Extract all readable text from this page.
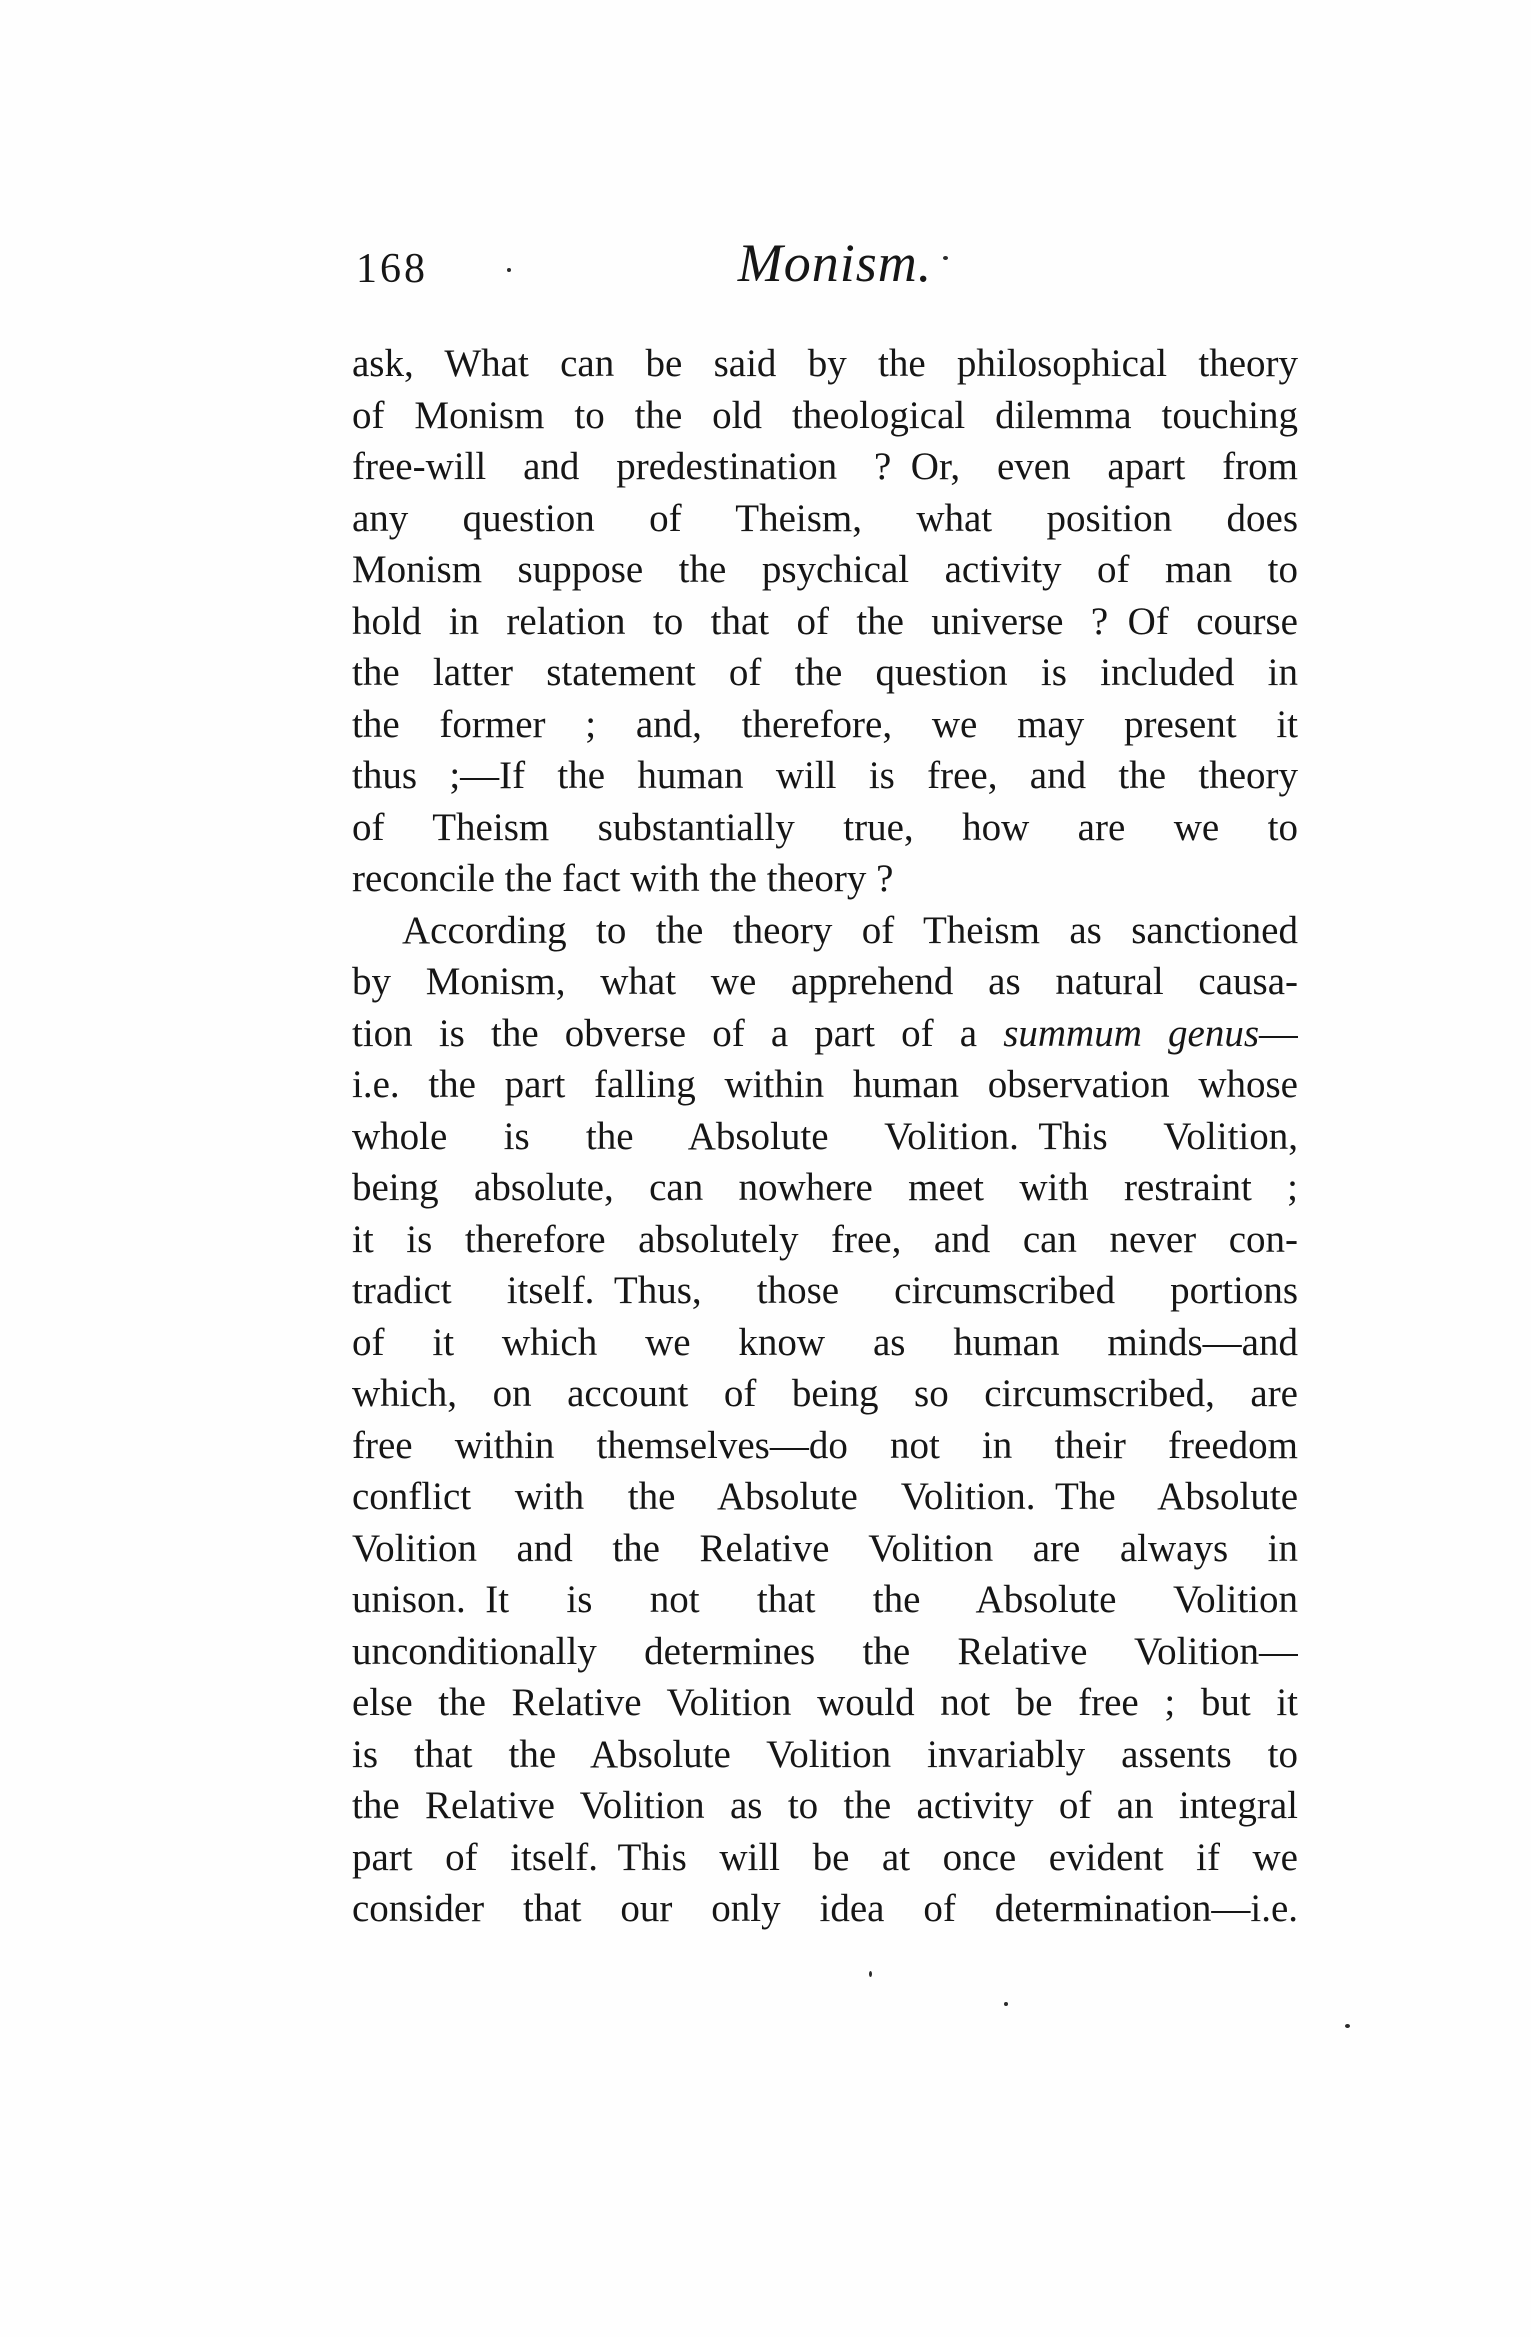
168	Monism.
ask, What can be said by the philosophical theory
of Monism to the old theological dilemma touching
free-will and predestination ? Or, even apart from
any question of Theism, what position does
Monism suppose the psychical activity of man to
hold in relation to that of the universe ? Of course
the latter statement of the question is included in
the former ; and, therefore, we may present it
thus ;—If the human will is free, and the theory
of Theism substantially true, how are we to
reconcile the fact with the theory ?
According to the theory of Theism as sanctioned
by Monism, what we apprehend as natural causa-
tion is the obverse of a part of a summum genus—
i.e. the part falling within human observation whose
whole is the Absolute Volition. This Volition,
being absolute, can nowhere meet with restraint ;
it is therefore absolutely free, and can never con-
tradict itself. Thus, those circumscribed portions
of it which we know as human minds—and
which, on account of being so circumscribed, are
free within themselves—do not in their freedom
conflict with the Absolute Volition. The Absolute
Volition and the Relative Volition are always in
unison. It is not that the Absolute Volition
unconditionally determines the Relative Volition—
else the Relative Volition would not be free ; but it
is that the Absolute Volition invariably assents to
the Relative Volition as to the activity of an integral
part of itself. This will be at once evident if we
consider that our only idea of determination—i.e.
